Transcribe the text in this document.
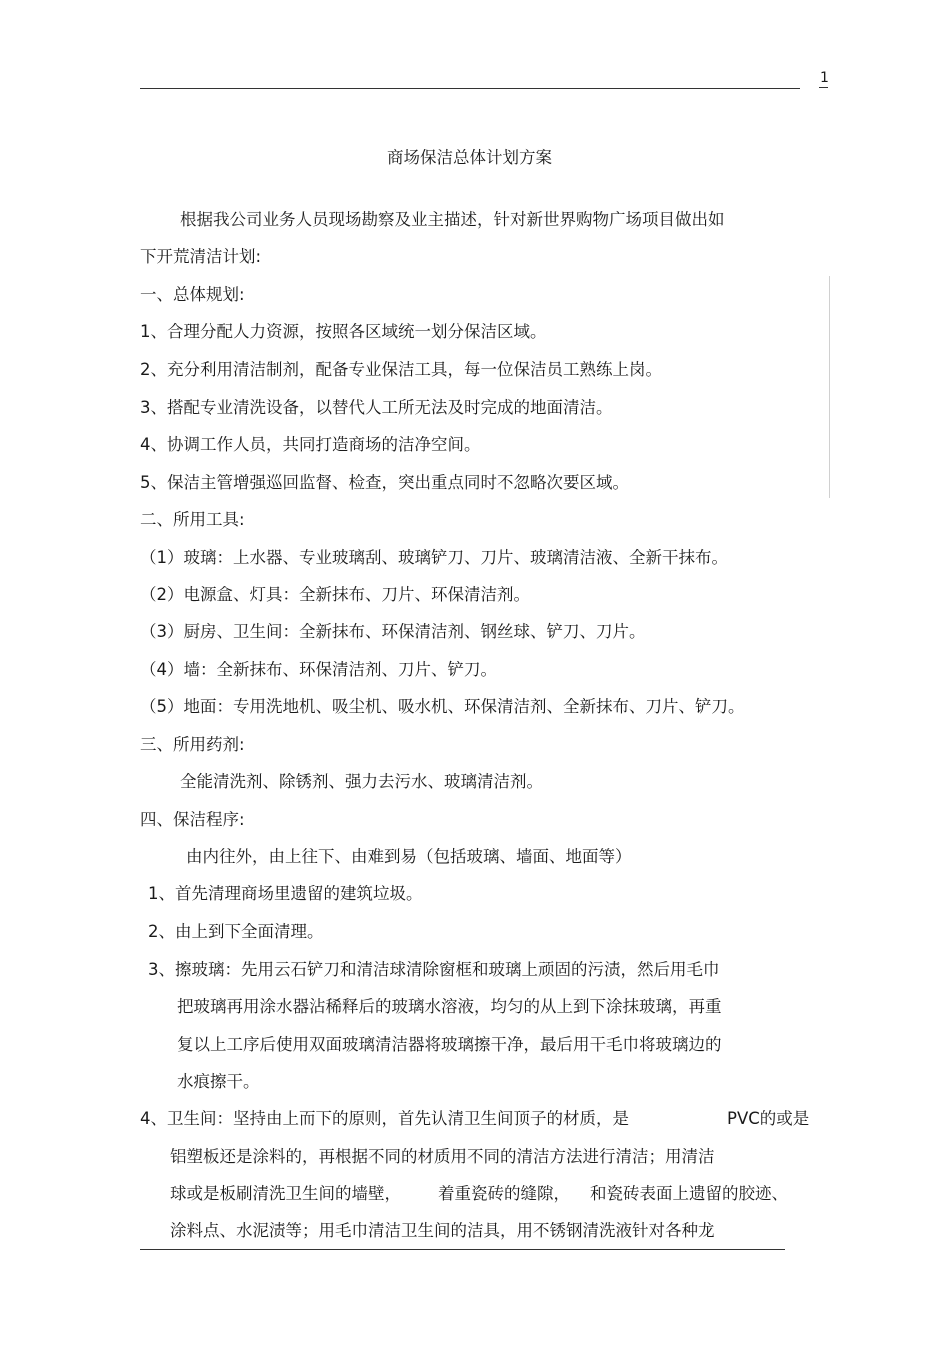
1
商场保洁总体计划方案
根据我公司业务人员现场勘察及业主描述，针对新世界购物广场项目做出如
下开荒清洁计划:
一、总体规划:
1、合理分配人力资源，按照各区域统一划分保洁区域。
2、充分利用清洁制剂，配备专业保洁工具，每一位保洁员工熟练上岗。
3、搭配专业清洗设备，以替代人工所无法及时完成的地面清洁。
4、协调工作人员，共同打造商场的洁净空间。
5、保洁主管增强巡回监督、检查，突出重点同时不忽略次要区域。
二、所用工具:
（1）玻璃：上水器、专业玻璃刮、玻璃铲刀、刀片、玻璃清洁液、全新干抹布。
（2）电源盒、灯具：全新抹布、刀片、环保清洁剂。
（3）厨房、卫生间：全新抹布、环保清洁剂、钢丝球、铲刀、刀片。
（4）墙：全新抹布、环保清洁剂、刀片、铲刀。
（5）地面：专用洗地机、吸尘机、吸水机、环保清洁剂、全新抹布、刀片、铲刀。
三、所用药剂:
全能清洗剂、除锈剂、强力去污水、玻璃清洁剂。
四、保洁程序:
由内往外，由上往下、由难到易（包括玻璃、墙面、地面等）
1、首先清理商场里遗留的建筑垃圾。
2、由上到下全面清理。
3、擦玻璃：先用云石铲刀和清洁球清除窗框和玻璃上顽固的污渍，然后用毛巾
把玻璃再用涂水器沾稀释后的玻璃水溶液，均匀的从上到下涂抹玻璃，再重
复以上工序后使用双面玻璃清洁器将玻璃擦干净，最后用干毛巾将玻璃边的
水痕擦干。
4、卫生间：坚持由上而下的原则，首先认清卫生间顶子的材质，是	PVC的或是
铝塑板还是涂料的，再根据不同的材质用不同的清洁方法进行清洁；用清洁
球或是板刷清洗卫生间的墙壁， 着重瓷砖的缝隙， 和瓷砖表面上遗留的胶迹、
涂料点、水泥渍等；用毛巾清洁卫生间的洁具，用不锈钢清洗液针对各种龙
